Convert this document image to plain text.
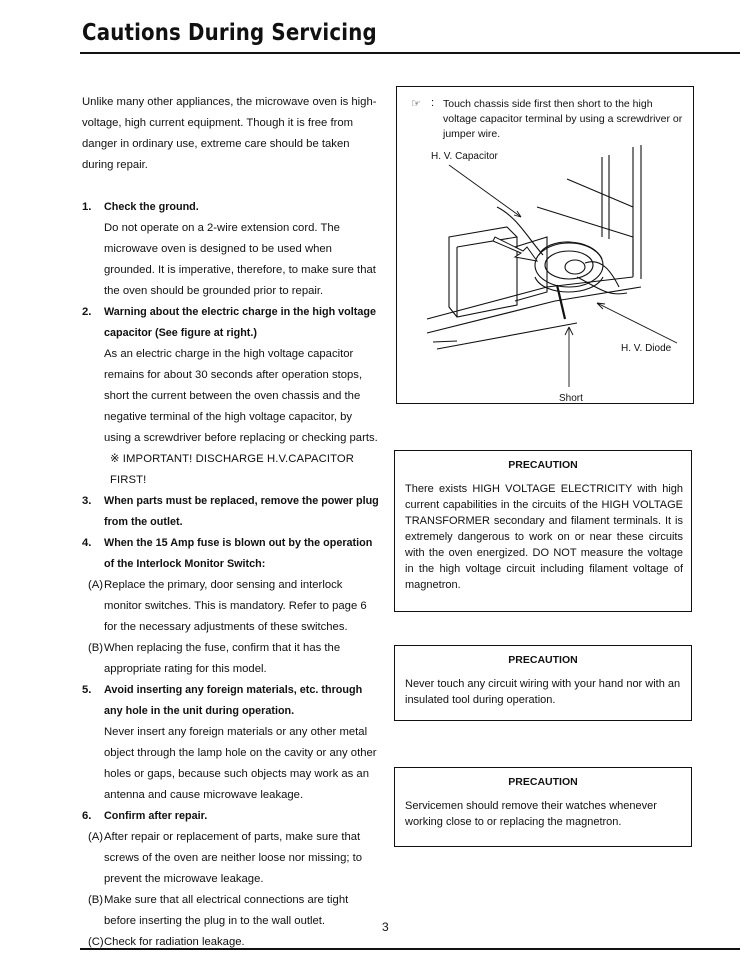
Cautions During Servicing

Unlike many other appliances, the microwave oven is high-voltage, high current equipment. Though it is free from danger in ordinary use, extreme care should be taken during repair.

1. Check the ground.
Do not operate on a 2-wire extension cord. The microwave oven is designed to be used when grounded. It is imperative, therefore, to make sure that the oven should be grounded prior to repair.
2. Warning about the electric charge in the high voltage capacitor (See figure at right.)
As an electric charge in the high voltage capacitor remains for about 30 seconds after operation stops, short the current between the oven chassis and the negative terminal of the high voltage capacitor, by using a screwdriver before replacing or checking parts.
※ IMPORTANT! DISCHARGE H.V.CAPACITOR FIRST!
3. When parts must be replaced, remove the power plug from the outlet.
4. When the 15 Amp fuse is blown out by the operation of the Interlock Monitor Switch:
(A) Replace the primary, door sensing and interlock monitor switches. This is mandatory. Refer to page 6 for the necessary adjustments of these switches.
(B) When replacing the fuse, confirm that it has the appropriate rating for this model.
5. Avoid inserting any foreign materials, etc. through any hole in the unit during operation.
Never insert any foreign materials or any other metal object through the lamp hole on the cavity or any other holes or gaps, because such objects may work as an antenna and cause microwave leakage.
6. Confirm after repair.
(A) After repair or replacement of parts, make sure that screws of the oven are neither loose nor missing; to prevent the microwave leakage.
(B) Make sure that all electrical connections are tight before inserting the plug in to the wall outlet.
(C) Check for radiation leakage.
☞ : Touch chassis side first then short to the high voltage capacitor terminal by using a screwdriver or jumper wire.
H. V. Capacitor
H. V. Diode
Short
PRECAUTION
There exists HIGH VOLTAGE ELECTRICITY with high current capabilities in the circuits of the HIGH VOLTAGE TRANSFORMER secondary and filament terminals. It is extremely dangerous to work on or near these circuits with the oven energized. DO NOT measure the voltage in the high voltage circuit including filament voltage of magnetron.
PRECAUTION
Never touch any circuit wiring with your hand nor with an insulated tool during operation.
PRECAUTION
Servicemen should remove their watches whenever working close to or replacing the magnetron.
3
